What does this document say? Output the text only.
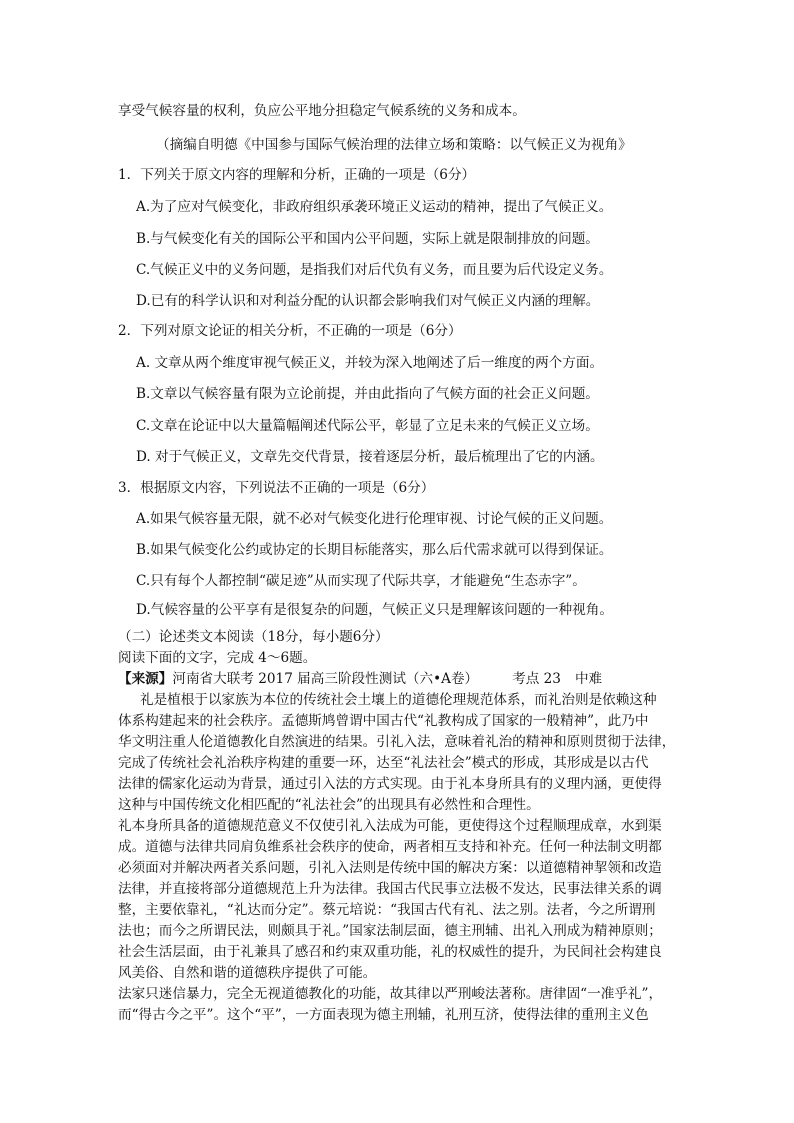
享受气候容量的权利，负应公平地分担稳定气候系统的义务和成本。
（摘编自明德《中国参与国际气候治理的法律立场和策略：以气候正义为视角》
1．下列关于原文内容的理解和分析，正确的一项是（6分）
A.为了应对气候变化，非政府组织承袭环境正义运动的精神，提出了气候正义。
B.与气候变化有关的国际公平和国内公平问题，实际上就是限制排放的问题。
C.气候正义中的义务问题，是指我们对后代负有义务，而且要为后代设定义务。
D.已有的科学认识和对利益分配的认识都会影响我们对气候正义内涵的理解。
2．下列对原文论证的相关分析，不正确的一项是（6分）
A. 文章从两个维度审视气候正义，并较为深入地阐述了后一维度的两个方面。
B.文章以气候容量有限为立论前提，并由此指向了气候方面的社会正义问题。
C.文章在论证中以大量篇幅阐述代际公平，彰显了立足未来的气候正义立场。
D. 对于气候正义，文章先交代背景，接着逐层分析，最后梳理出了它的内涵。
3．根据原文内容，下列说法不正确的一项是（6分）
A.如果气候容量无限，就不必对气候变化进行伦理审视、讨论气候的正义问题。
B.如果气候变化公约或协定的长期目标能落实，那么后代需求就可以得到保证。
C.只有每个人都控制“碳足迹”从而实现了代际共享，才能避免“生态赤字”。
D.气候容量的公平享有是很复杂的问题，气候正义只是理解该问题的一种视角。
（二）论述类文本阅读（18分，每小题6分）
阅读下面的文字，完成 4～6题。
【来源】河南省大联考 2017 届高三阶段性测试（六•A卷）	考点 23 中难
礼是植根于以家族为本位的传统社会土壤上的道德伦理规范体系，而礼治则是依赖这种
体系构建起来的社会秩序。孟德斯鸠曾谓中国古代“礼教构成了国家的一般精神”，此乃中
华文明注重人伦道德教化自然演进的结果。引礼入法，意味着礼治的精神和原则贯彻于法律，
完成了传统社会礼治秩序构建的重要一环，达至“礼法社会”模式的形成，其形成是以古代
法律的儒家化运动为背景，通过引入法的方式实现。由于礼本身所具有的义理内涵，更使得
这种与中国传统文化相匹配的“礼法社会”的出现具有必然性和合理性。
礼本身所具备的道德规范意义不仅使引礼入法成为可能，更使得这个过程顺理成章，水到渠
成。道德与法律共同肩负维系社会秩序的使命，两者相互支持和补充。任何一种法制文明都
必须面对并解决两者关系问题，引礼入法则是传统中国的解决方案：以道德精神挈领和改造
法律，并直接将部分道德规范上升为法律。我国古代民事立法极不发达，民事法律关系的调
整，主要依靠礼，“礼达而分定”。蔡元培说：“我国古代有礼、法之别。法者，今之所谓刑
法也；而今之所谓民法，则颇具于礼。”国家法制层面，德主刑辅、出礼入刑成为精神原则；
社会生活层面，由于礼兼具了感召和约束双重功能，礼的权威性的提升，为民间社会构建良
风美俗、自然和谐的道德秩序提供了可能。
法家只迷信暴力，完全无视道德教化的功能，故其律以严刑峻法著称。唐律固“一准乎礼”，
而“得古今之平”。这个“平”，一方面表现为德主刑辅，礼刑互济，使得法律的重刑主义色
